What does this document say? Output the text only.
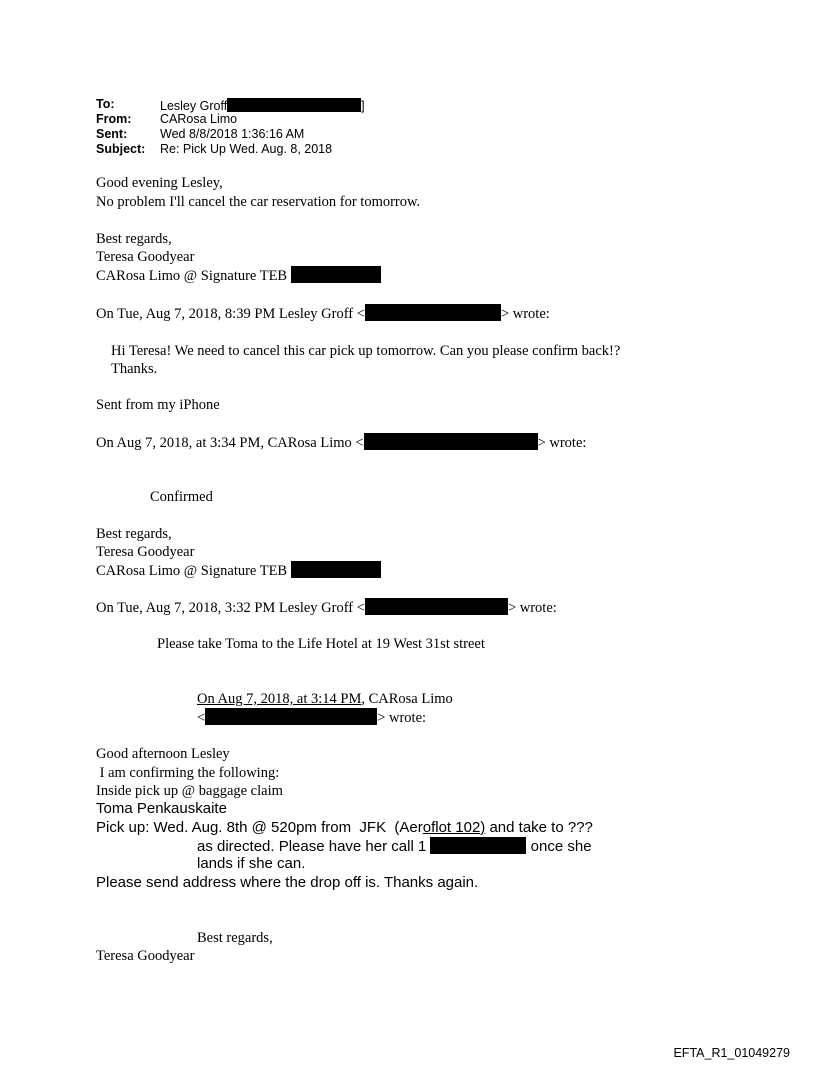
To:	Lesley Groff	]
From: CARosa Limo
Sent:	Wed 8/8/2018 1:36:16 AM
Subject: Re: Pick Up Wed. Aug. 8, 2018
Good evening Lesley,
No problem I'll cancel the car reservation for tomorrow.
Best regards,
Teresa Goodyear
CARosa Limo @ Signature TEB
On Tue, Aug 7, 2018, 8:39 PM Lesley Groff <	> wrote:
Hi Teresa! We need to cancel this car pick up tomorrow. Can you please confirm back!?
Thanks.
Sent from my iPhone
On Aug 7, 2018, at 3:34 PM, CARosa Limo <	> wrote:
Confirmed
Best regards,
Teresa Goodyear
CARosa Limo @ Signature TEB
On Tue, Aug 7, 2018, 3:32 PM Lesley Groff <	> wrote:
Please take Toma to the Life Hotel at 19 West 31st street
On Aug 7, 2018, at 3:14 PM, CARosa Limo
<	> wrote:
Good afternoon Lesley
I am confirming the following:
Inside pick up @ baggage claim
Toma Penkauskaite
Pick up: Wed. Aug. 8th @ 520pm from  JFK  (Aeroflot 102) and take to ???
as directed. Please have her call 1	once she
lands if she can.
Please send address where the drop off is. Thanks again.
Best regards,
Teresa Goodyear
EFTA_R1_01049279
